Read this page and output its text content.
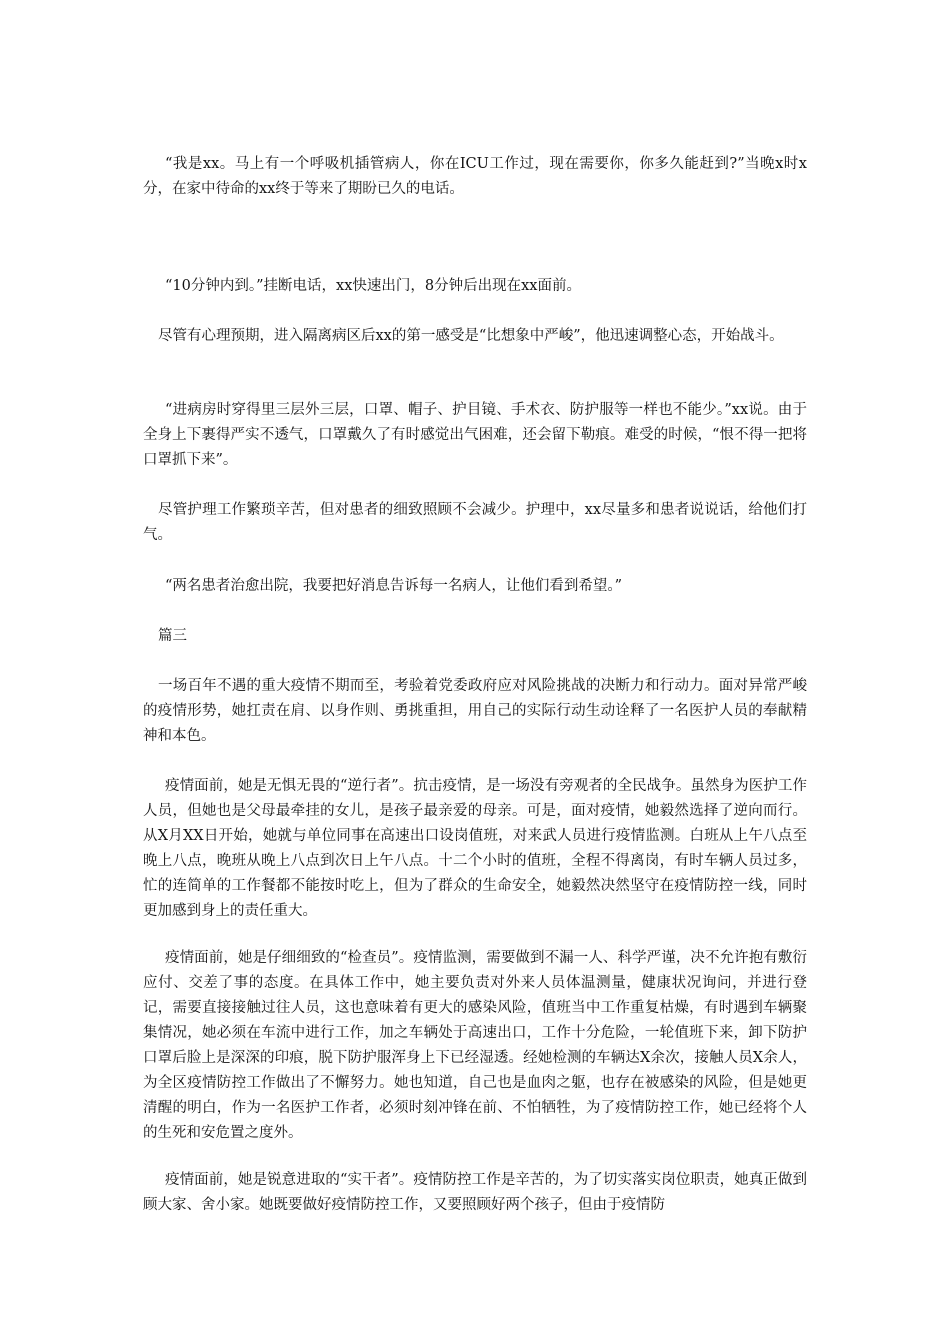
“我是xx。马上有一个呼吸机插管病人，你在ICU工作过，现在需要你，你多久能赶到?”当晚x时x分，在家中待命的xx终于等来了期盼已久的电话。

“10分钟内到。”挂断电话，xx快速出门，8分钟后出现在xx面前。

尽管有心理预期，进入隔离病区后xx的第一感受是“比想象中严峻”，他迅速调整心态，开始战斗。

“进病房时穿得里三层外三层，口罩、帽子、护目镜、手术衣、防护服等一样也不能少。”xx说。由于全身上下裹得严实不透气，口罩戴久了有时感觉出气困难，还会留下勒痕。难受的时候，“恨不得一把将口罩抓下来”。

尽管护理工作繁琐辛苦，但对患者的细致照顾不会减少。护理中，xx尽量多和患者说说话，给他们打气。

“两名患者治愈出院，我要把好消息告诉每一名病人，让他们看到希望。”

篇三

一场百年不遇的重大疫情不期而至，考验着党委政府应对风险挑战的决断力和行动力。面对异常严峻的疫情形势，她扛责在肩、以身作则、勇挑重担，用自己的实际行动生动诠释了一名医护人员的奉献精神和本色。

疫情面前，她是无惧无畏的“逆行者”。抗击疫情，是一场没有旁观者的全民战争。虽然身为医护工作人员，但她也是父母最牵挂的女儿，是孩子最亲爱的母亲。可是，面对疫情，她毅然选择了逆向而行。从X月XX日开始，她就与单位同事在高速出口设岗值班，对来武人员进行疫情监测。白班从上午八点至晚上八点，晚班从晚上八点到次日上午八点。十二个小时的值班，全程不得离岗，有时车辆人员过多，忙的连简单的工作餐都不能按时吃上，但为了群众的生命安全，她毅然决然坚守在疫情防控一线，同时更加感到身上的责任重大。

疫情面前，她是仔细细致的“检查员”。疫情监测，需要做到不漏一人、科学严谨，决不允许抱有敷衍应付、交差了事的态度。在具体工作中，她主要负责对外来人员体温测量，健康状况询问，并进行登记，需要直接接触过往人员，这也意味着有更大的感染风险，值班当中工作重复枯燥，有时遇到车辆聚集情况，她必须在车流中进行工作，加之车辆处于高速出口，工作十分危险，一轮值班下来，卸下防护口罩后脸上是深深的印痕，脱下防护服浑身上下已经湿透。经她检测的车辆达X余次，接触人员X余人，为全区疫情防控工作做出了不懈努力。她也知道，自己也是血肉之躯，也存在被感染的风险，但是她更清醒的明白，作为一名医护工作者，必须时刻冲锋在前、不怕牺牲，为了疫情防控工作，她已经将个人的生死和安危置之度外。

疫情面前，她是锐意进取的“实干者”。疫情防控工作是辛苦的，为了切实落实岗位职责，她真正做到顾大家、舍小家。她既要做好疫情防控工作，又要照顾好两个孩子，但由于疫情防
